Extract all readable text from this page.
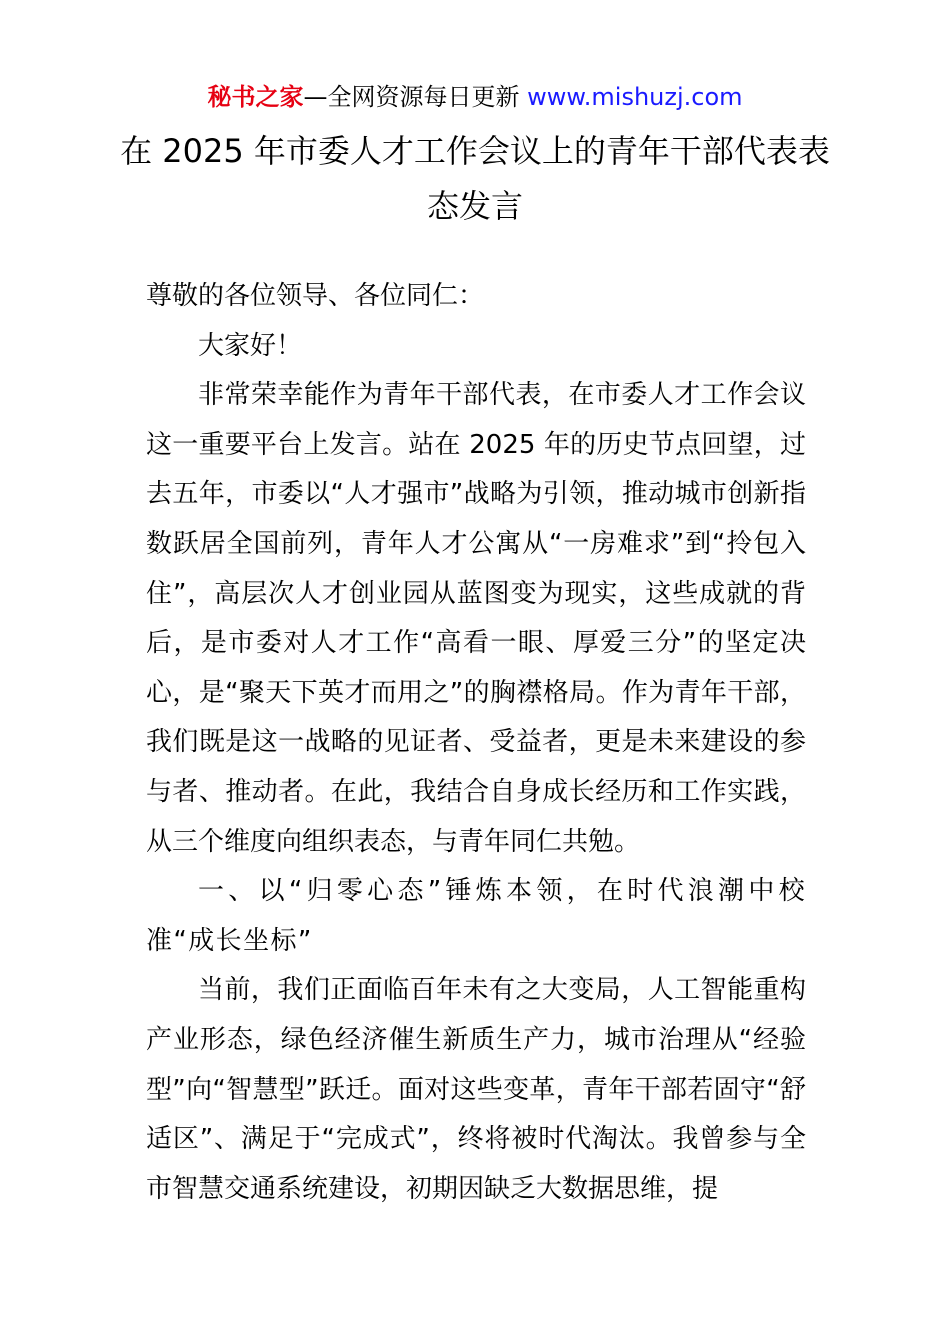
秘书之家—全网资源每日更新 www.mishuzj.com
在 2025 年市委人才工作会议上的青年干部代表表态发言

尊敬的各位领导、各位同仁：

大家好！

非常荣幸能作为青年干部代表，在市委人才工作会议这一重要平台上发言。站在 2025 年的历史节点回望，过去五年，市委以“人才强市”战略为引领，推动城市创新指数跃居全国前列，青年人才公寓从“一房难求”到“拎包入住”，高层次人才创业园从蓝图变为现实，这些成就的背后，是市委对人才工作“高看一眼、厚爱三分”的坚定决心，是“聚天下英才而用之”的胸襟格局。作为青年干部，我们既是这一战略的见证者、受益者，更是未来建设的参与者、推动者。在此，我结合自身成长经历和工作实践，从三个维度向组织表态，与青年同仁共勉。

一、以“归零心态”锤炼本领，在时代浪潮中校准“成长坐标”

当前，我们正面临百年未有之大变局，人工智能重构产业形态，绿色经济催生新质生产力，城市治理从“经验型”向“智慧型”跃迁。面对这些变革，青年干部若固守“舒适区”、满足于“完成式”，终将被时代淘汰。我曾参与全市智慧交通系统建设，初期因缺乏大数据思维，提
